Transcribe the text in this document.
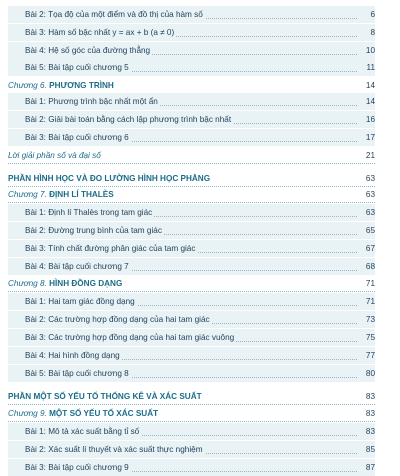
Bài 2: Tọa độ của một điểm và đồ thị của hàm số	6
Bài 3: Hàm số bậc nhất y = ax + b (a ≠ 0)	8
Bài 4: Hệ số góc của đường thẳng	10
Bài 5: Bài tập cuối chương 5	11
Chương 6. PHƯƠNG TRÌNH	14
Bài 1: Phương trình bậc nhất một ẩn	14
Bài 2: Giải bài toán bằng cách lập phương trình bậc nhất	16
Bài 3: Bài tập cuối chương 6	17
Lời giải phần số và đại số	21
PHẦN HÌNH HỌC VÀ ĐO LƯỜNG HÌNH HỌC PHẲNG	63
Chương 7. ĐỊNH LÍ THALÈS	63
Bài 1: Định lí Thalès trong tam giác	63
Bài 2: Đường trung bình của tam giác	65
Bài 3: Tính chất đường phân giác của tam giác	67
Bài 4: Bài tập cuối chương 7	68
Chương 8. HÌNH ĐỒNG DẠNG	71
Bài 1: Hai tam giác đồng dạng	71
Bài 2: Các trường hợp đồng dạng của hai tam giác	73
Bài 3: Các trường hợp đồng dạng của hai tam giác vuông	75
Bài 4: Hai hình đồng dạng	77
Bài 5: Bài tập cuối chương 8	80
PHẦN MỘT SỐ YẾU TỐ THỐNG KÊ VÀ XÁC SUẤT	83
Chương 9. MỘT SỐ YẾU TỐ XÁC SUẤT	83
Bài 1: Mô tả xác suất bằng tỉ số	83
Bài 2: Xác suất lí thuyết và xác suất thực nghiệm	85
Bài 3: Bài tập cuối chương 9	87
